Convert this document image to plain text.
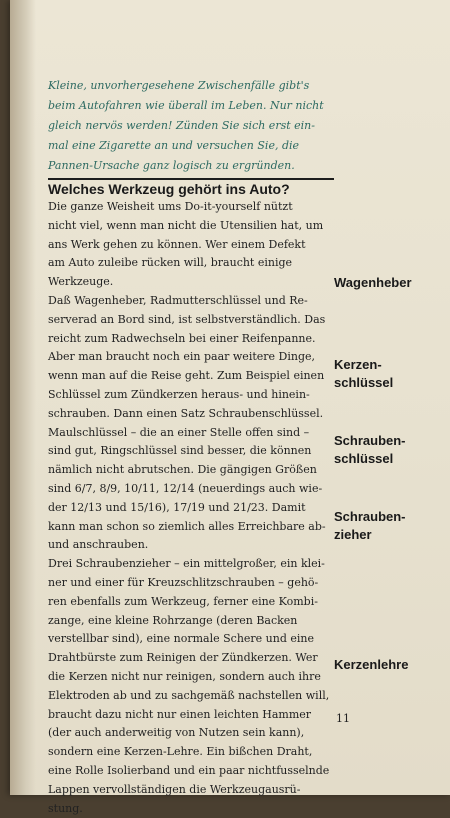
Kleine, unvorhergesehene Zwischenfälle gibt's
beim Autofahren wie überall im Leben. Nur nicht
gleich nervös werden! Zünden Sie sich erst ein-
mal eine Zigarette an und versuchen Sie, die
Pannen-Ursache ganz logisch zu ergründen.
Welches Werkzeug gehört ins Auto?
Die ganze Weisheit ums Do-it-yourself nützt
nicht viel, wenn man nicht die Utensilien hat, um
ans Werk gehen zu können. Wer einem Defekt
am Auto zuleibe rücken will, braucht einige
Werkzeuge.
Daß Wagenheber, Radmutterschlüssel und Re-
serverad an Bord sind, ist selbstverständlich. Das
reicht zum Radwechseln bei einer Reifenpanne.
Aber man braucht noch ein paar weitere Dinge,
wenn man auf die Reise geht. Zum Beispiel einen
Schlüssel zum Zündkerzen heraus- und hinein-
schrauben. Dann einen Satz Schraubenschlüssel.
Maulschlüssel – die an einer Stelle offen sind –
sind gut, Ringschlüssel sind besser, die können
nämlich nicht abrutschen. Die gängigen Größen
sind 6/7, 8/9, 10/11, 12/14 (neuerdings auch wie-
der 12/13 und 15/16), 17/19 und 21/23. Damit
kann man schon so ziemlich alles Erreichbare ab-
und anschrauben.
Drei Schraubenzieher – ein mittelgroßer, ein klei-
ner und einer für Kreuzschlitzschrauben – gehö-
ren ebenfalls zum Werkzeug, ferner eine Kombi-
zange, eine kleine Rohrzange (deren Backen
verstellbar sind), eine normale Schere und eine
Drahtbürste zum Reinigen der Zündkerzen. Wer
die Kerzen nicht nur reinigen, sondern auch ihre
Elektroden ab und zu sachgemäß nachstellen will,
braucht dazu nicht nur einen leichten Hammer
(der auch anderweitig von Nutzen sein kann),
sondern eine Kerzen-Lehre. Ein bißchen Draht,
eine Rolle Isolierband und ein paar nichtfusselnde
Lappen vervollständigen die Werkzeugausrü-
stung.
Wagenheber
Kerzen-
schlüssel
Schrauben-
schlüssel
Schrauben-
zieher
Kerzenlehre
11
